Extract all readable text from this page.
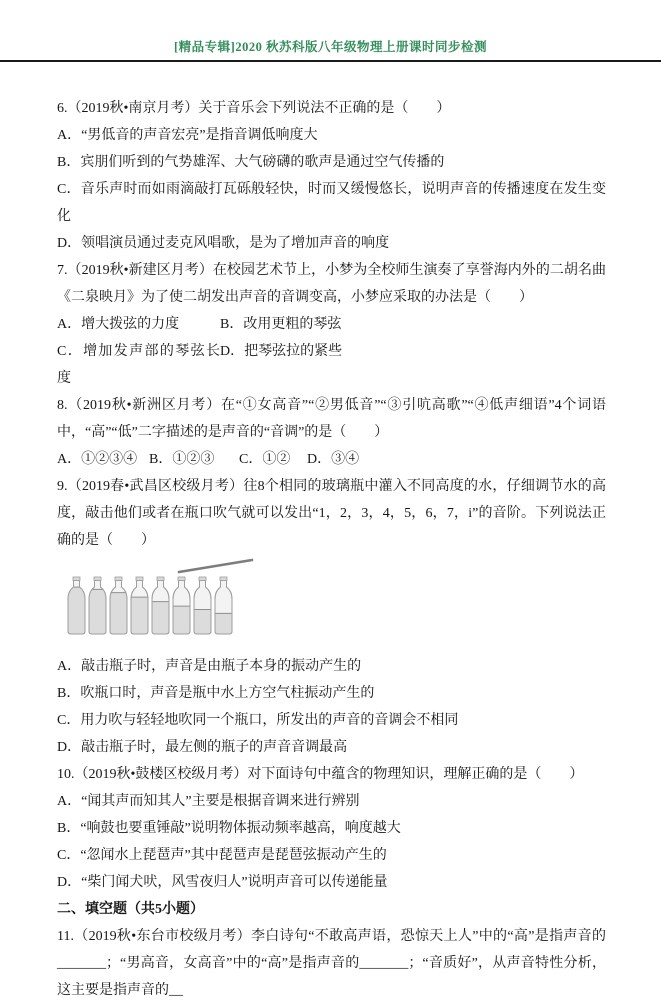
[精品专辑]2020 秋苏科版八年级物理上册课时同步检测

6.（2019秋•南京月考）关于音乐会下列说法不正确的是（　　）

A．“男低音的声音宏亮”是指音调低响度大

B．宾朋们听到的气势雄浑、大气磅礴的歌声是通过空气传播的

C．音乐声时而如雨滴敲打瓦砾般轻快，时而又缓慢悠长，说明声音的传播速度在发生变化

D．领唱演员通过麦克风唱歌，是为了增加声音的响度

7.（2019秋•新建区月考）在校园艺术节上，小梦为全校师生演奏了享誉海内外的二胡名曲《二泉映月》为了使二胡发出声音的音调变高，小梦应采取的办法是（　　）

A．增大拨弦的力度	B．改用更粗的琴弦
C．增加发声部的琴弦长度
D．把琴弦拉的紧些

8.（2019秋•新洲区月考）在“①女高音”“②男低音”“③引吭高歌”“④低声细语”4个词语中，“高”“低”二字描述的是声音的“音调”的是（　　）

A．①②③④ B．①②③	C．①②	D．③④

9.（2019春•武昌区校级月考）往8个相同的玻璃瓶中灌入不同高度的水，仔细调节水的高度，敲击他们或者在瓶口吹气就可以发出“1，2，3，4，5，6，7，i”的音阶。下列说法正确的是（　　）

A．敲击瓶子时，声音是由瓶子本身的振动产生的

B．吹瓶口时，声音是瓶中水上方空气柱振动产生的

C．用力吹与轻轻地吹同一个瓶口，所发出的声音的音调会不相同

D．敲击瓶子时，最左侧的瓶子的声音音调最高

10.（2019秋•鼓楼区校级月考）对下面诗句中蕴含的物理知识，理解正确的是（　　）

A．“闻其声而知其人”主要是根据音调来进行辨别

B．“响鼓也要重锤敲”说明物体振动频率越高，响度越大

C．“忽闻水上琵琶声”其中琵琶声是琵琶弦振动产生的

D．“柴门闻犬吠，风雪夜归人”说明声音可以传递能量

二、填空题（共5小题）

11.（2019秋•东台市校级月考）李白诗句“不敢高声语，恐惊天上人”中的“高”是指声音的_______；“男高音，女高音”中的“高”是指声音的_______；“音质好”，从声音特性分析，这主要是指声音的__
